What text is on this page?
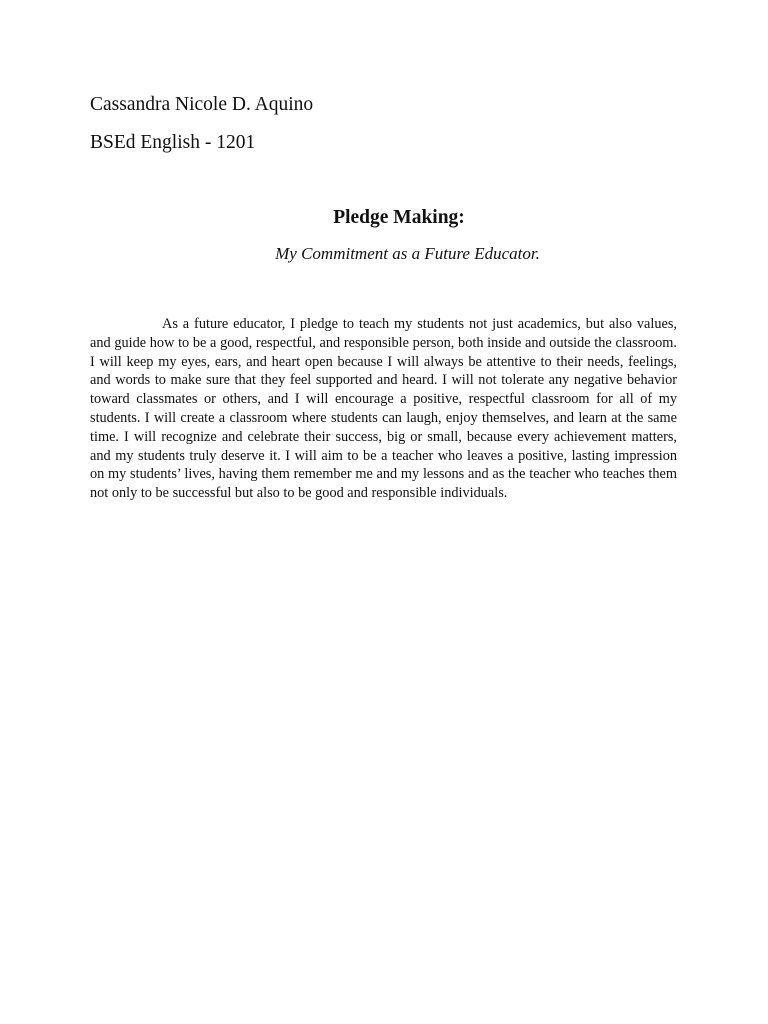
Cassandra Nicole D. Aquino
BSEd English - 1201
Pledge Making:
My Commitment as a Future Educator.

As a future educator, I pledge to teach my students not just academics, but also values, and guide how to be a good, respectful, and responsible person, both inside and outside the classroom. I will keep my eyes, ears, and heart open because I will always be attentive to their needs, feelings, and words to make sure that they feel supported and heard. I will not tolerate any negative behavior toward classmates or others, and I will encourage a positive, respectful classroom for all of my students. I will create a classroom where students can laugh, enjoy themselves, and learn at the same time. I will recognize and celebrate their success, big or small, because every achievement matters, and my students truly deserve it. I will aim to be a teacher who leaves a positive, lasting impression on my students’ lives, having them remember me and my lessons and as the teacher who teaches them not only to be successful but also to be good and responsible individuals.
